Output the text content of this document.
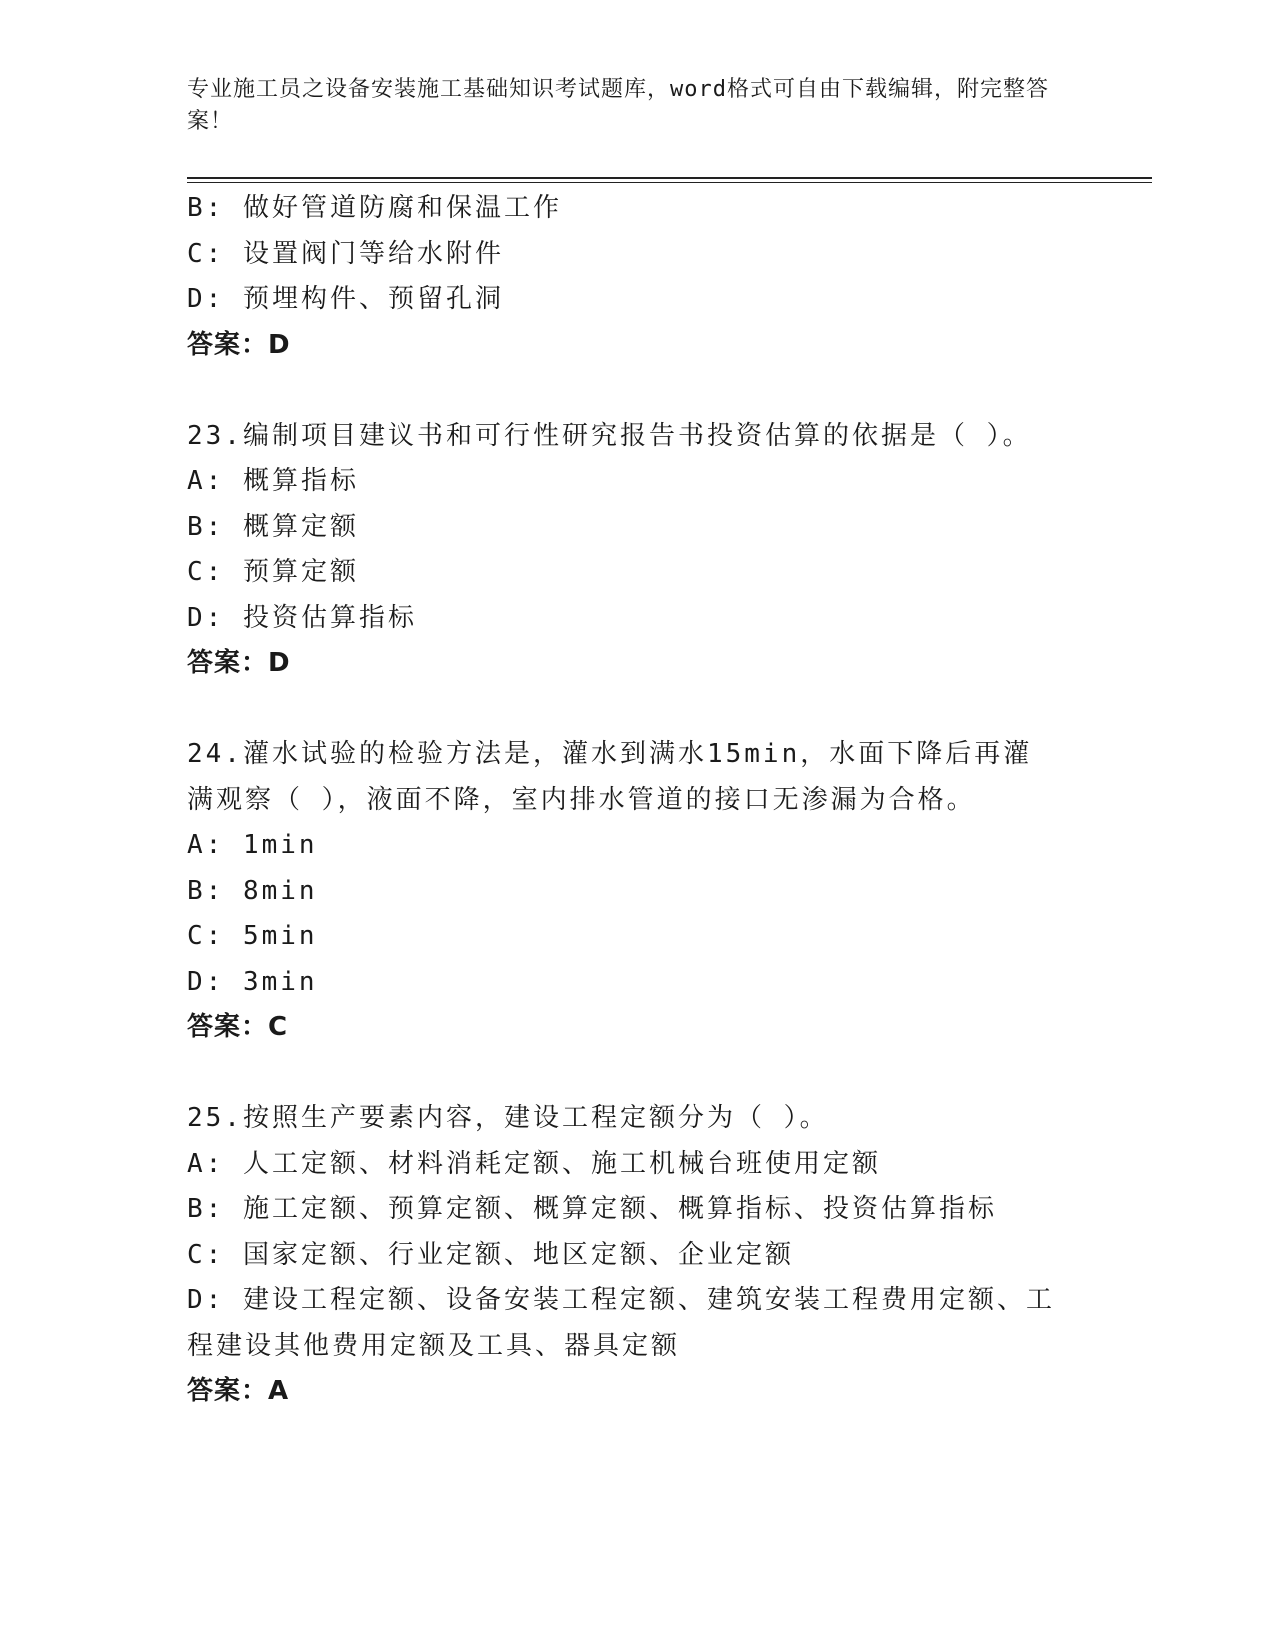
专业施工员之设备安装施工基础知识考试题库，word格式可自由下载编辑，附完整答案！
B: 做好管道防腐和保温工作
C: 设置阀门等给水附件
D: 预埋构件、预留孔洞
答案：D
23.编制项目建议书和可行性研究报告书投资估算的依据是（ ）。
A: 概算指标
B: 概算定额
C: 预算定额
D: 投资估算指标
答案：D
24.灌水试验的检验方法是，灌水到满水15min，水面下降后再灌满观察（ ），液面不降，室内排水管道的接口无渗漏为合格。
A: 1min
B: 8min
C: 5min
D: 3min
答案：C
25.按照生产要素内容，建设工程定额分为（ ）。
A: 人工定额、材料消耗定额、施工机械台班使用定额
B: 施工定额、预算定额、概算定额、概算指标、投资估算指标
C: 国家定额、行业定额、地区定额、企业定额
D: 建设工程定额、设备安装工程定额、建筑安装工程费用定额、工程建设其他费用定额及工具、器具定额
答案：A
